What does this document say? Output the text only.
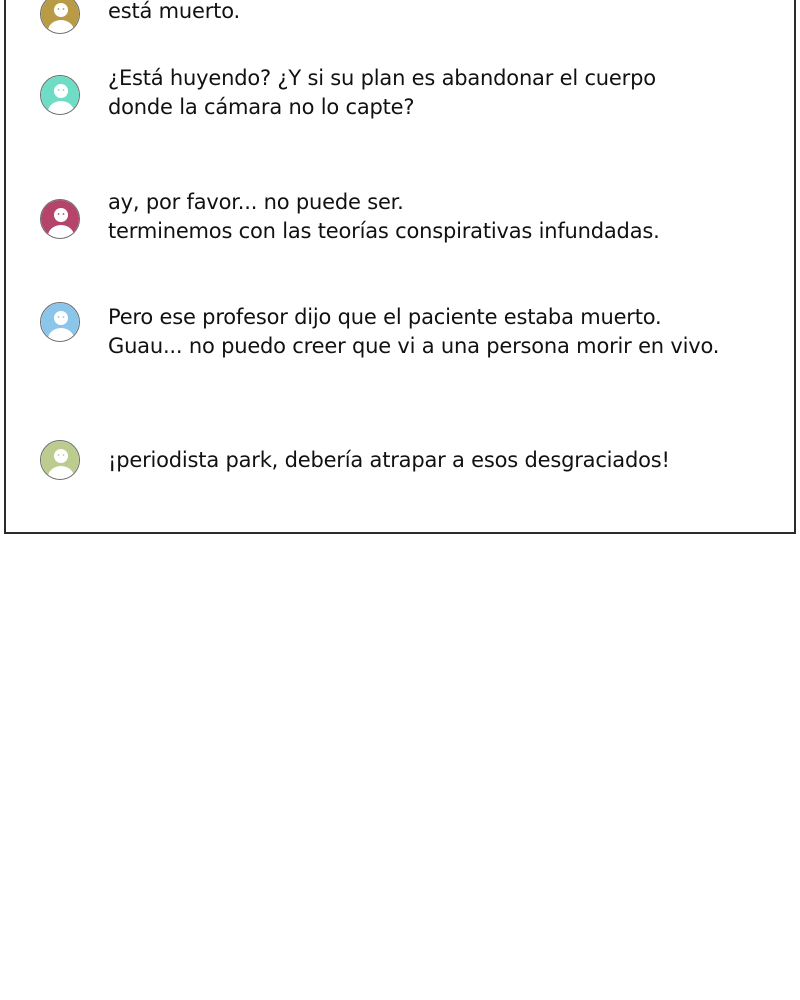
está muerto.
¿Está huyendo? ¿Y si su plan es abandonar el cuerpo
donde la cámara no lo capte?
ay, por favor... no puede ser.
terminemos con las teorías conspirativas infundadas.
Pero ese profesor dijo que el paciente estaba muerto.
Guau... no puedo creer que vi a una persona morir en vivo.
¡periodista park, debería atrapar a esos desgraciados!
